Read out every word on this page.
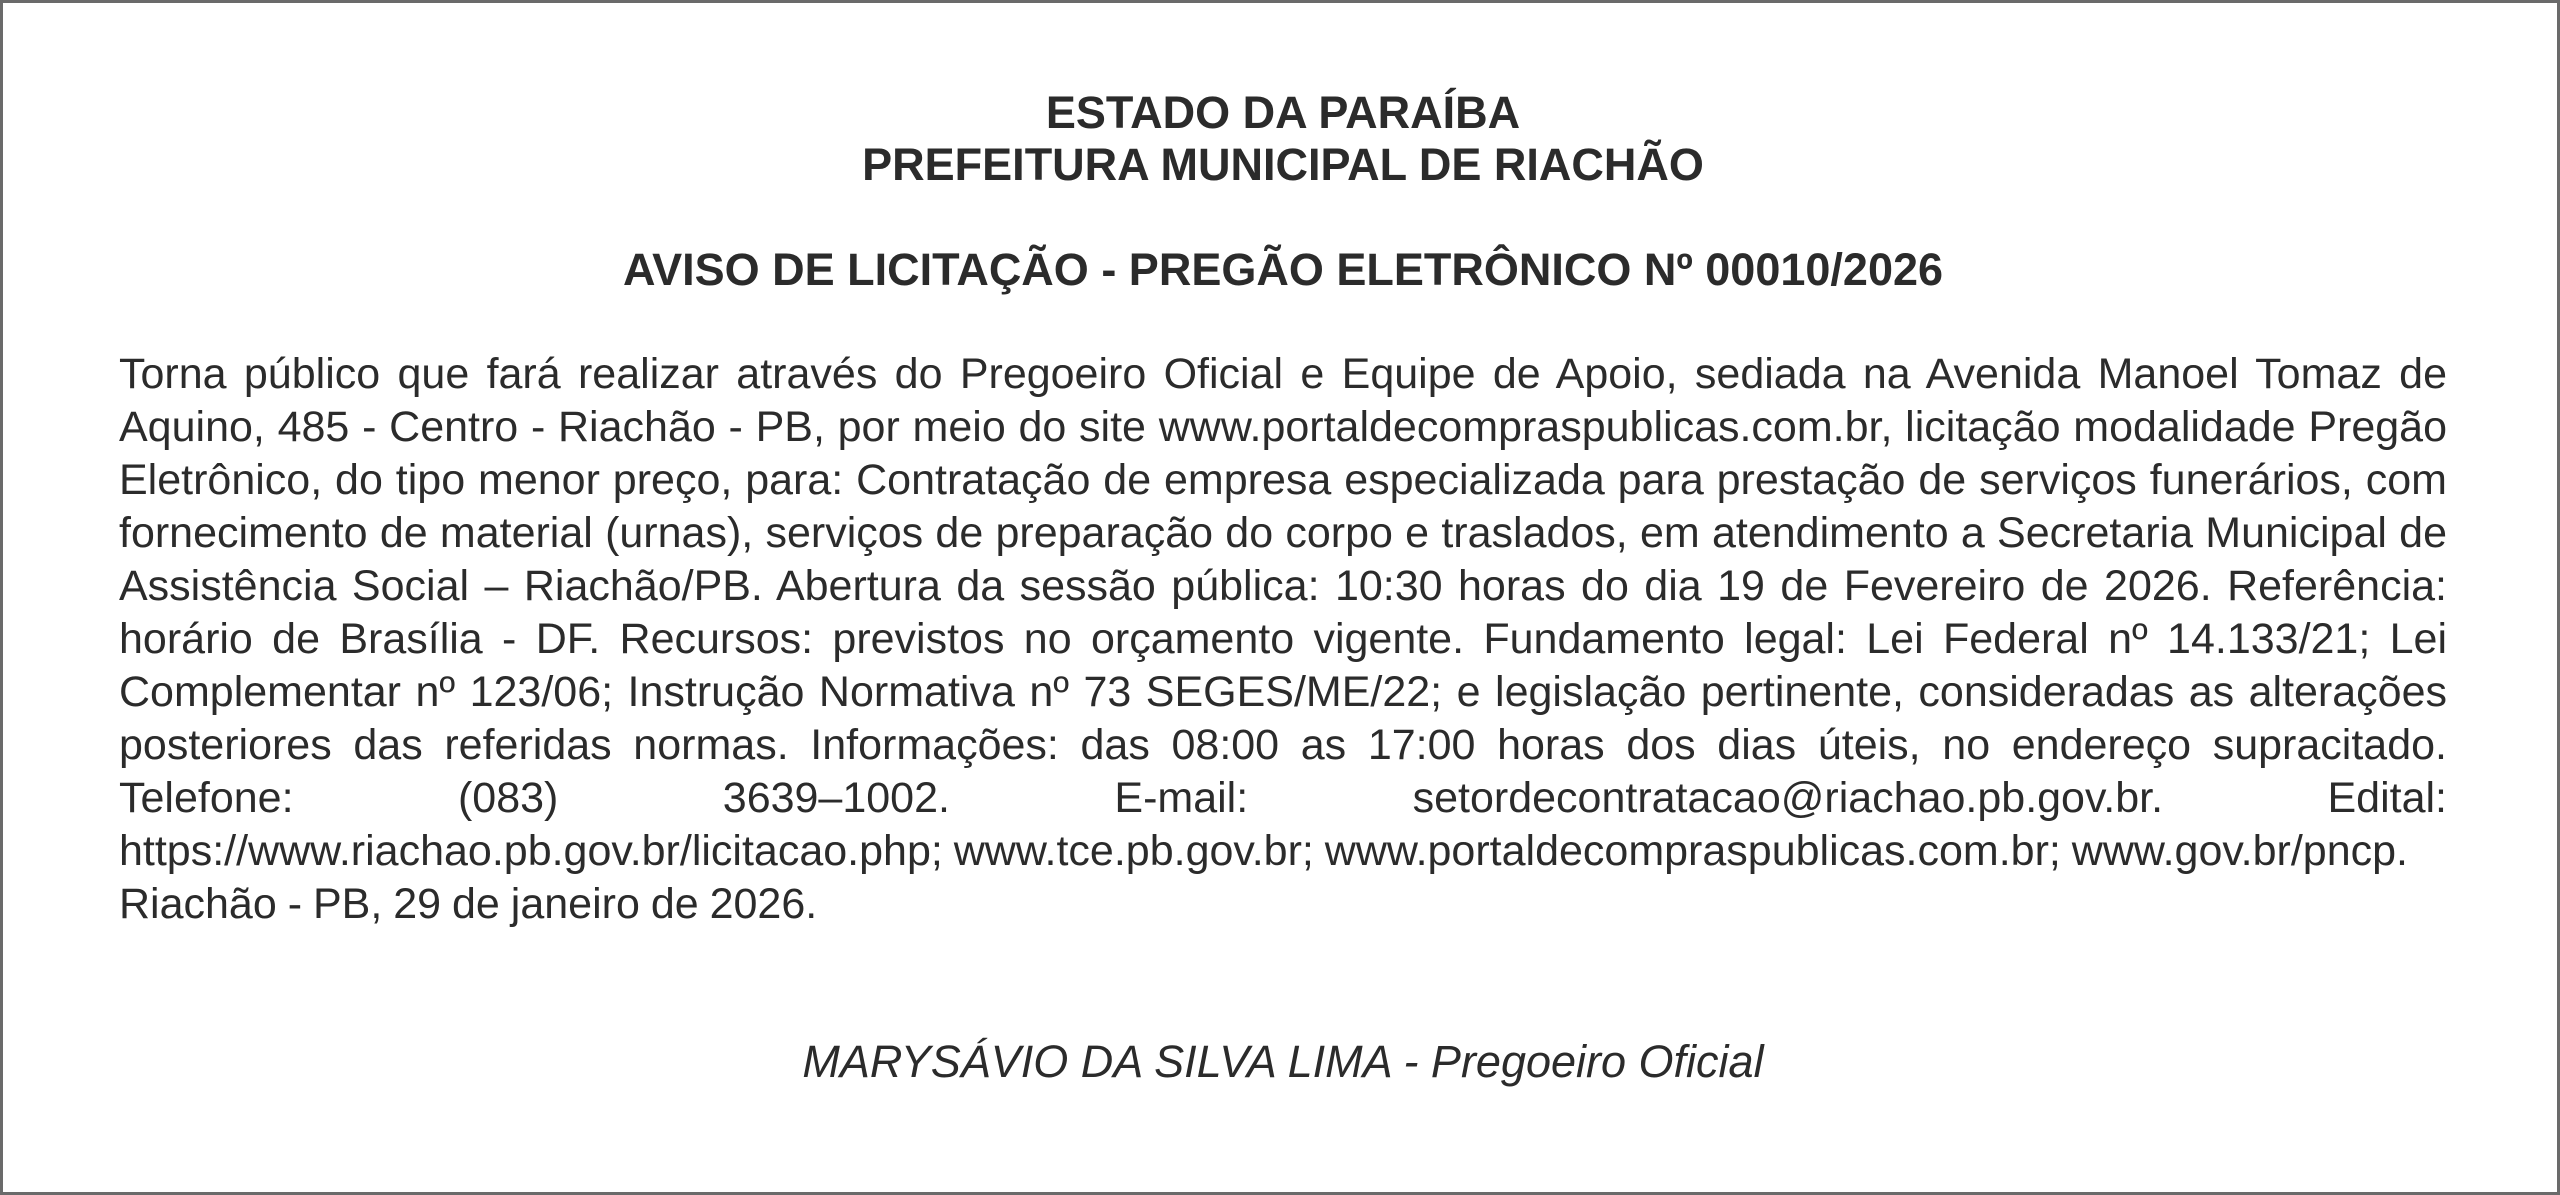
ESTADO DA PARAÍBA
PREFEITURA MUNICIPAL DE RIACHÃO
AVISO DE LICITAÇÃO - PREGÃO ELETRÔNICO Nº 00010/2026

Torna público que fará realizar através do Pregoeiro Oficial e Equipe de Apoio, sediada na Avenida Manoel Tomaz de Aquino, 485 - Centro - Riachão - PB, por meio do site www.portaldecompraspublicas.com.br, licitação modalidade Pregão Eletrônico, do tipo menor preço, para: Contratação de empresa especializada para prestação de serviços funerários, com fornecimento de material (urnas), serviços de preparação do corpo e traslados, em atendimento a Secretaria Municipal de Assistência Social – Riachão/PB. Abertura da sessão pública: 10:30 horas do dia 19 de Fevereiro de 2026. Referência: horário de Brasília - DF. Recursos: previstos no orçamento vigente. Fundamento legal: Lei Federal nº 14.133/21; Lei Complementar nº 123/06; Instrução Normativa nº 73 SEGES/ME/22; e legislação pertinente, consideradas as alterações posteriores das referidas normas. Informações: das 08:00 as 17:00 horas dos dias úteis, no endereço supracitado. Telefone: (083) 3639–1002. E-mail: setordecontratacao@riachao.pb.gov.br. Edital: https://www.riachao.pb.gov.br/licitacao.php; www.tce.pb.gov.br; www.portaldecompraspublicas.com.br; www.gov.br/pncp.

Riachão - PB, 29 de janeiro de 2026.

MARYSÁVIO DA SILVA LIMA - Pregoeiro Oficial
